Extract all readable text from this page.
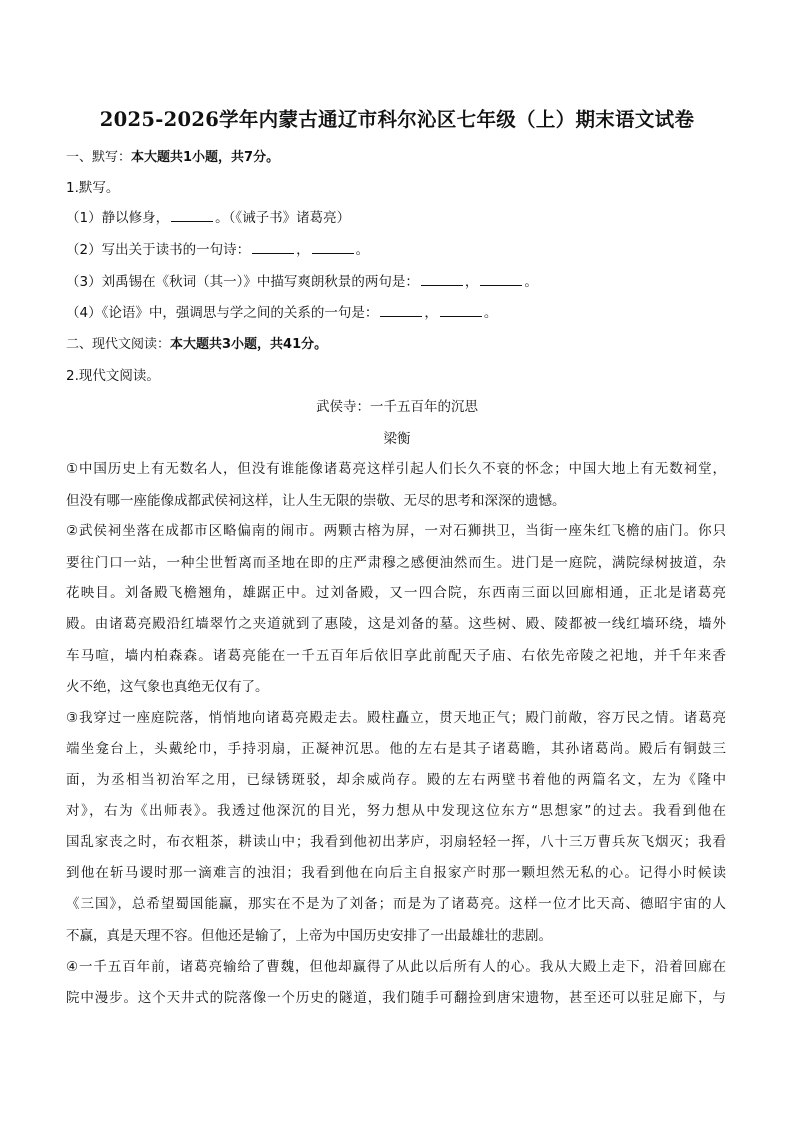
2025-2026学年内蒙古通辽市科尔沁区七年级（上）期末语文试卷
一、默写：本大题共1小题，共7分。
1.默写。
（1）静以修身，	。（《诫子书》诸葛亮）
（2）写出关于读书的一句诗：	，	。
（3）刘禹锡在《秋词（其一）》中描写爽朗秋景的两句是：	，	。
（4）《论语》中，强调思与学之间的关系的一句是：	，	。
二、现代文阅读：本大题共3小题，共41分。
2.现代文阅读。
武侯寺：一千五百年的沉思
梁衡
①中国历史上有无数名人，但没有谁能像诸葛亮这样引起人们长久不衰的怀念；中国大地上有无数祠堂，
但没有哪一座能像成都武侯祠这样，让人生无限的崇敬、无尽的思考和深深的遗憾。
②武侯祠坐落在成都市区略偏南的闹市。两颗古榕为屏，一对石狮拱卫，当街一座朱红飞檐的庙门。你只
要往门口一站，一种尘世暂离而圣地在即的庄严肃穆之感便油然而生。进门是一庭院，满院绿树披道，杂
花映目。刘备殿飞檐翘角，雄踞正中。过刘备殿，又一四合院，东西南三面以回廊相通，正北是诸葛亮
殿。由诸葛亮殿沿红墙翠竹之夹道就到了惠陵，这是刘备的墓。这些树、殿、陵都被一线红墙环绕，墙外
车马喧，墙内柏森森。诸葛亮能在一千五百年后依旧享此前配天子庙、右依先帝陵之祀地，并千年来香
火不绝，这气象也真绝无仅有了。
③我穿过一座庭院落，悄悄地向诸葛亮殿走去。殿柱矗立，贯天地正气；殿门前敞，容万民之情。诸葛亮
端坐龛台上，头戴纶巾，手持羽扇，正凝神沉思。他的左右是其子诸葛瞻，其孙诸葛尚。殿后有铜鼓三
面，为丞相当初治军之用，已绿锈斑驳，却余威尚存。殿的左右两壁书着他的两篇名文，左为《隆中
对》，右为《出师表》。我透过他深沉的目光，努力想从中发现这位东方“思想家”的过去。我看到他在
国乱家丧之时，布衣粗茶，耕读山中；我看到他初出茅庐，羽扇轻轻一挥，八十三万曹兵灰飞烟灭；我看
到他在斩马谡时那一滴难言的浊泪；我看到他在向后主自报家产时那一颗坦然无私的心。记得小时候读
《三国》，总希望蜀国能赢，那实在不是为了刘备；而是为了诸葛亮。这样一位才比天高、德昭宇宙的人
不赢，真是天理不容。但他还是输了，上帝为中国历史安排了一出最雄壮的悲剧。
④一千五百年前，诸葛亮输给了曹魏，但他却赢得了从此以后所有人的心。我从大殿上走下，沿着回廊在
院中漫步。这个天井式的院落像一个历史的隧道，我们随手可翻捡到唐宋遗物，甚至还可以驻足廊下，与
